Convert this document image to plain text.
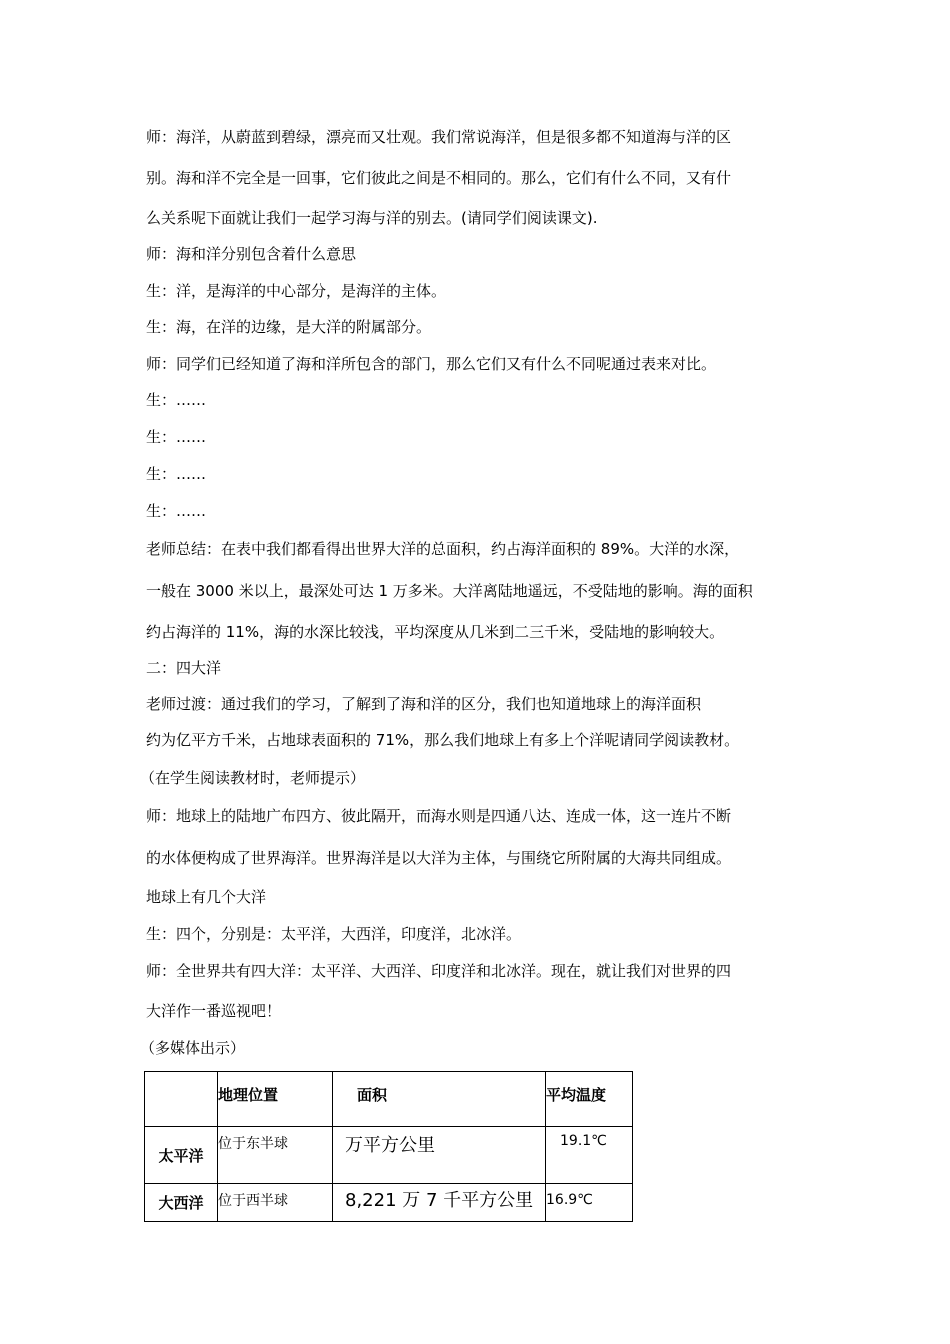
师：海洋，从蔚蓝到碧绿，漂亮而又壮观。我们常说海洋，但是很多都不知道海与洋的区
别。海和洋不完全是一回事，它们彼此之间是不相同的。那么，它们有什么不同，又有什
么关系呢下面就让我们一起学习海与洋的别去。(请同学们阅读课文).
师：海和洋分别包含着什么意思
生：洋，是海洋的中心部分，是海洋的主体。
生：海，在洋的边缘，是大洋的附属部分。
师：同学们已经知道了海和洋所包含的部门，那么它们又有什么不同呢通过表来对比。
生：……
生：……
生：……
生：……
老师总结：在表中我们都看得出世界大洋的总面积，约占海洋面积的 89%。大洋的水深，
一般在 3000 米以上，最深处可达 1 万多米。大洋离陆地遥远，不受陆地的影响。海的面积
约占海洋的 11%，海的水深比较浅，平均深度从几米到二三千米，受陆地的影响较大。
二：四大洋
老师过渡：通过我们的学习，了解到了海和洋的区分，我们也知道地球上的海洋面积
约为亿平方千米，占地球表面积的 71%，那么我们地球上有多上个洋呢请同学阅读教材。
（在学生阅读教材时，老师提示）
师：地球上的陆地广布四方、彼此隔开，而海水则是四通八达、连成一体，这一连片不断
的水体便构成了世界海洋。世界海洋是以大洋为主体，与围绕它所附属的大海共同组成。
地球上有几个大洋
生：四个，分别是：太平洋，大西洋，印度洋，北冰洋。
师：全世界共有四大洋：太平洋、大西洋、印度洋和北冰洋。现在，就让我们对世界的四
大洋作一番巡视吧！
（多媒体出示）
	地理位置	面积	平均温度
太平洋	位于东半球	万平方公里	19.1℃
大西洋	位于西半球	8,221 万 7 千平方公里	16.9℃
